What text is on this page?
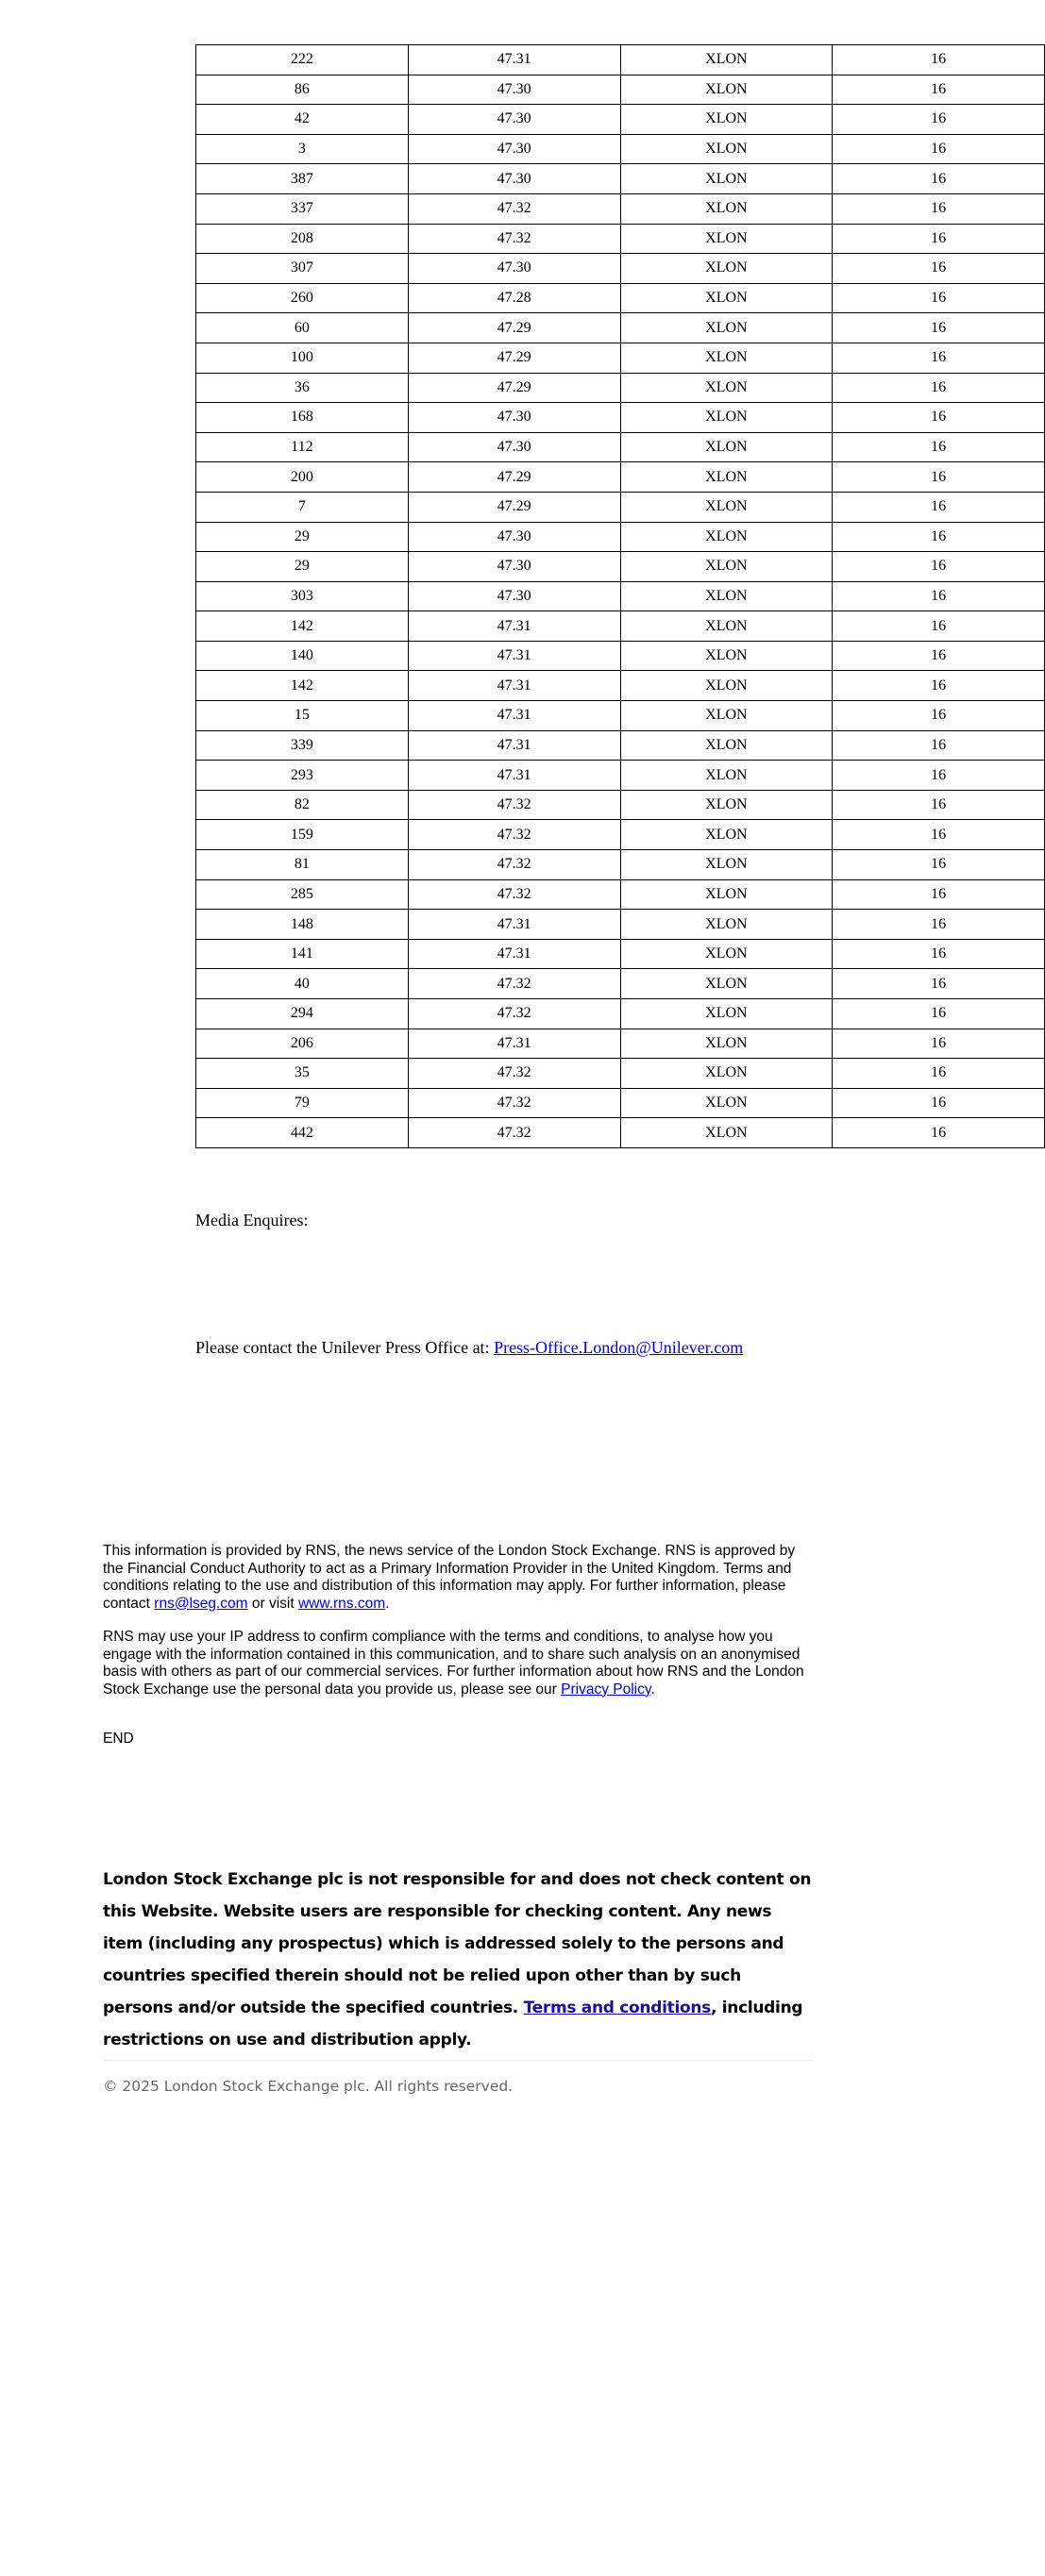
222	47.31	XLON	16
86	47.30	XLON	16
42	47.30	XLON	16
3	47.30	XLON	16
387	47.30	XLON	16
337	47.32	XLON	16
208	47.32	XLON	16
307	47.30	XLON	16
260	47.28	XLON	16
60	47.29	XLON	16
100	47.29	XLON	16
36	47.29	XLON	16
168	47.30	XLON	16
112	47.30	XLON	16
200	47.29	XLON	16
7	47.29	XLON	16
29	47.30	XLON	16
29	47.30	XLON	16
303	47.30	XLON	16
142	47.31	XLON	16
140	47.31	XLON	16
142	47.31	XLON	16
15	47.31	XLON	16
339	47.31	XLON	16
293	47.31	XLON	16
82	47.32	XLON	16
159	47.32	XLON	16
81	47.32	XLON	16
285	47.32	XLON	16
148	47.31	XLON	16
141	47.31	XLON	16
40	47.32	XLON	16
294	47.32	XLON	16
206	47.31	XLON	16
35	47.32	XLON	16
79	47.32	XLON	16
442	47.32	XLON	16
Media Enquires:
Please contact the Unilever Press Office at: Press-Office.London@Unilever.com
This information is provided by RNS, the news service of the London Stock Exchange. RNS is approved by the Financial Conduct Authority to act as a Primary Information Provider in the United Kingdom. Terms and conditions relating to the use and distribution of this information may apply. For further information, please contact rns@lseg.com or visit www.rns.com.
RNS may use your IP address to confirm compliance with the terms and conditions, to analyse how you engage with the information contained in this communication, and to share such analysis on an anonymised basis with others as part of our commercial services. For further information about how RNS and the London Stock Exchange use the personal data you provide us, please see our Privacy Policy.
END
London Stock Exchange plc is not responsible for and does not check content on this Website. Website users are responsible for checking content. Any news item (including any prospectus) which is addressed solely to the persons and countries specified therein should not be relied upon other than by such persons and/or outside the specified countries. Terms and conditions, including restrictions on use and distribution apply.
© 2025 London Stock Exchange plc. All rights reserved.
